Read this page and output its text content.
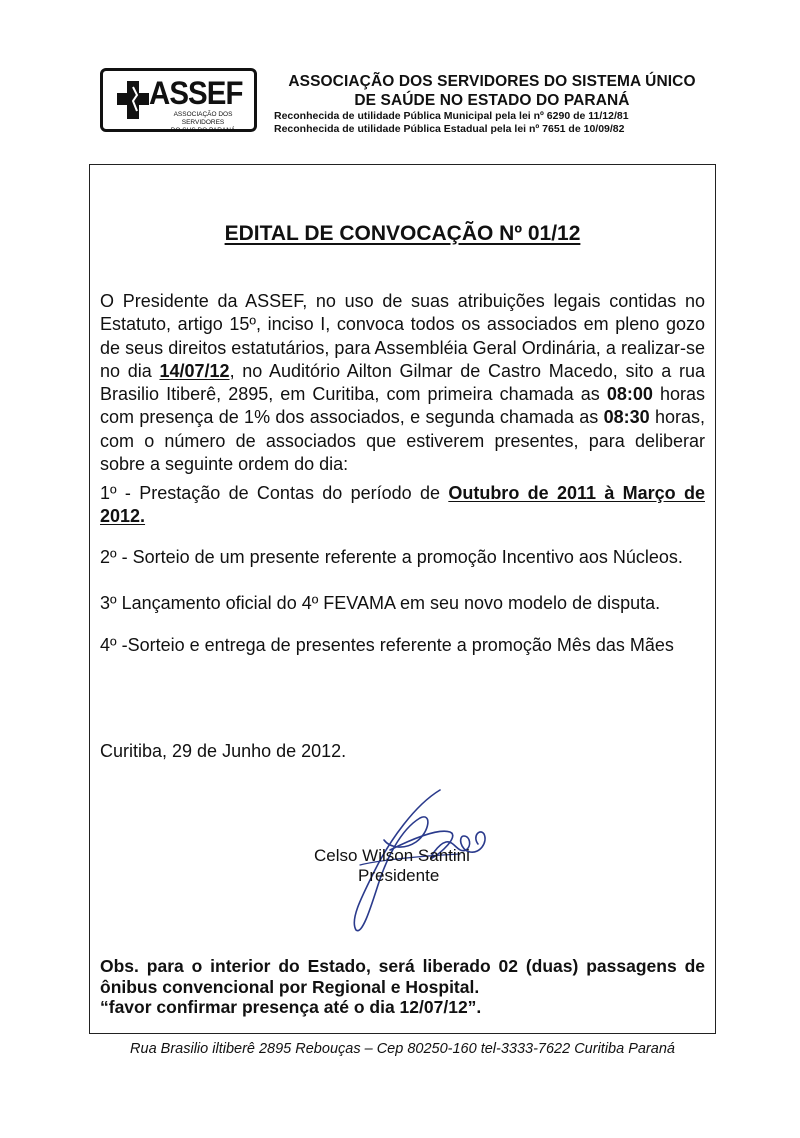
ASSEF
ASSOCIAÇÃO DOS SERVIDORES
DO SUS DO PARANÁ
ASSOCIAÇÃO DOS SERVIDORES DO SISTEMA ÚNICO
DE SAÚDE NO ESTADO DO PARANÁ
Reconhecida de utilidade Pública Municipal pela lei nº 6290 de 11/12/81
Reconhecida de utilidade Pública Estadual pela lei nº 7651 de 10/09/82
EDITAL DE CONVOCAÇÃO Nº 01/12
O Presidente da ASSEF, no uso de suas atribuições legais contidas no Estatuto, artigo 15º, inciso I, convoca todos os associados em pleno gozo de seus direitos estatutários, para Assembléia Geral Ordinária, a realizar-se no dia 14/07/12, no Auditório Ailton Gilmar de Castro Macedo, sito a rua Brasilio Itiberê, 2895, em Curitiba, com primeira chamada as 08:00 horas com presença de 1% dos associados, e segunda chamada as 08:30 horas, com o número de associados que estiverem presentes, para deliberar sobre a seguinte ordem do dia:
1º - Prestação de Contas do período de Outubro de 2011 à Março de 2012.
2º - Sorteio de um presente referente a promoção Incentivo aos Núcleos.
3º Lançamento oficial do 4º FEVAMA em seu novo modelo de disputa.
4º -Sorteio e entrega de presentes referente a promoção Mês das Mães
Curitiba, 29 de Junho de 2012.
Celso Wilson Santini
Presidente
Obs. para o interior do Estado, será liberado 02 (duas) passagens de ônibus convencional por Regional e Hospital.
“favor confirmar presença até o dia 12/07/12”.
Rua Brasilio iltiberê 2895 Rebouças – Cep 80250-160 tel-3333-7622 Curitiba Paraná
